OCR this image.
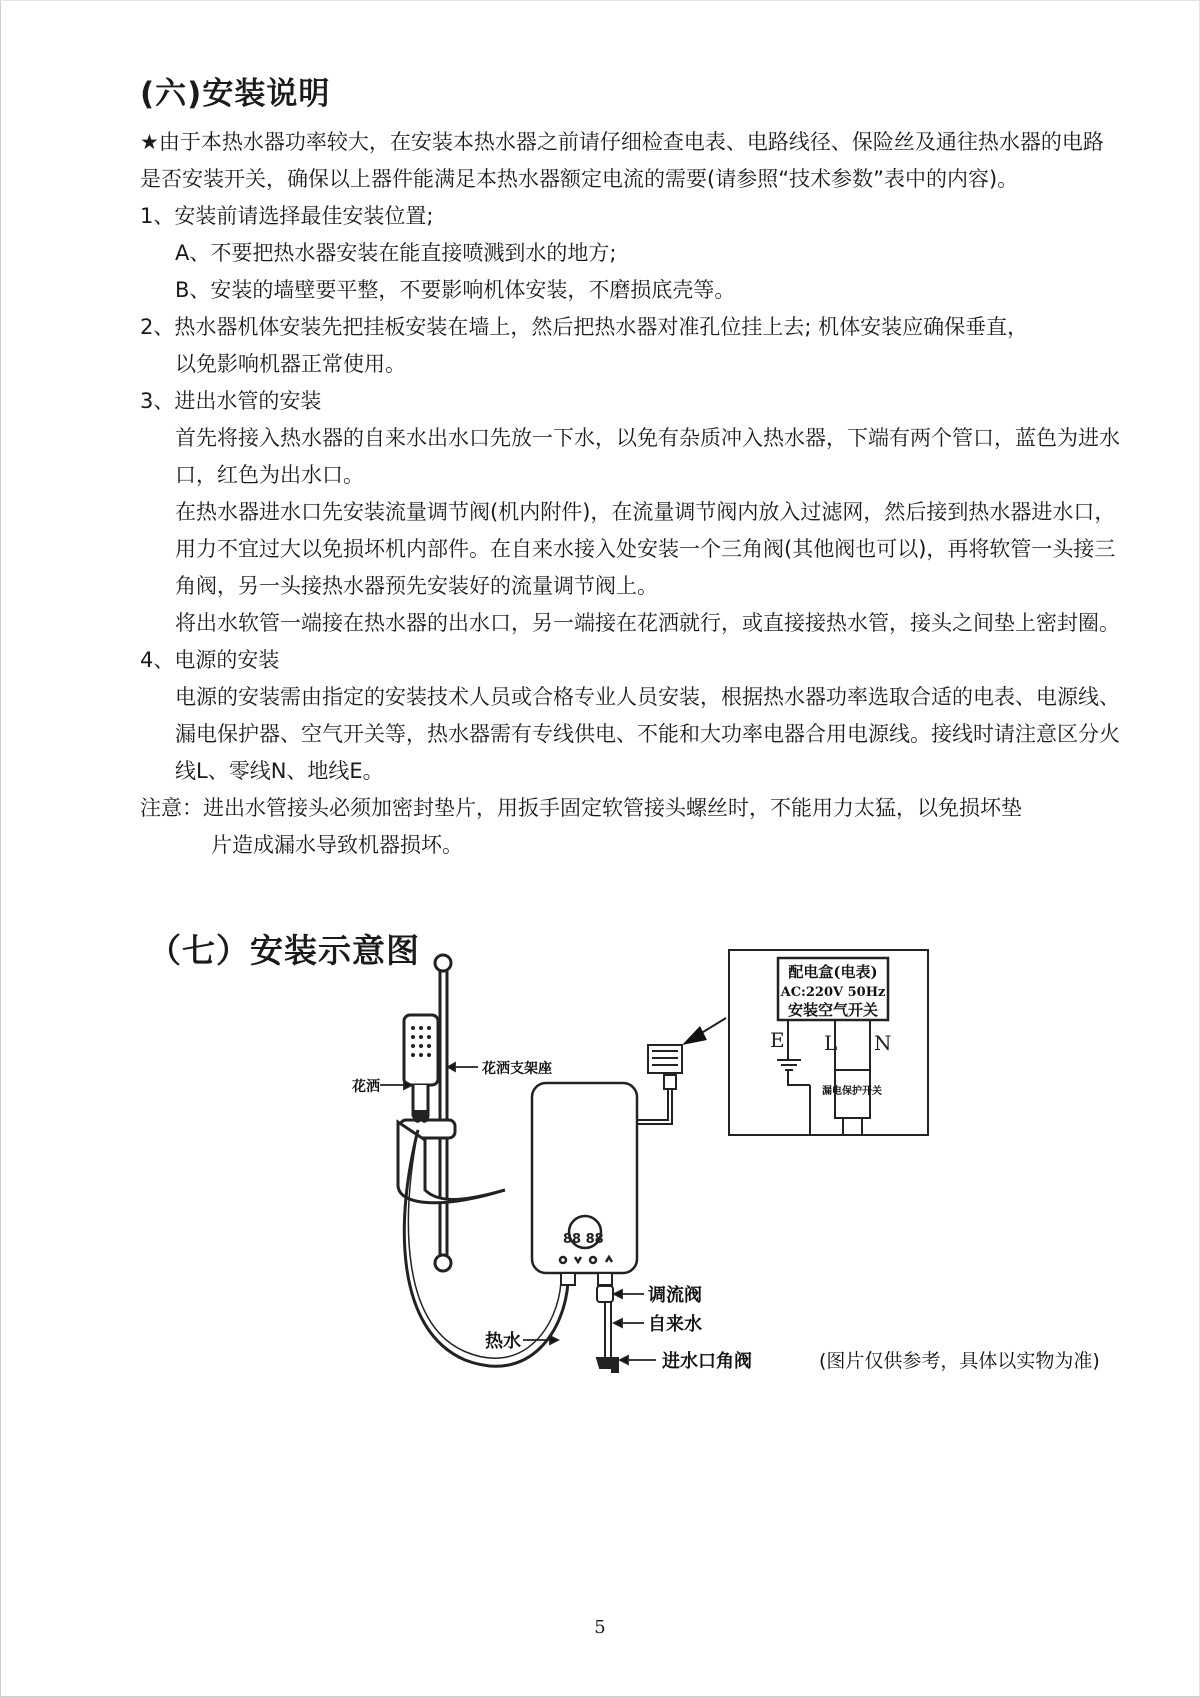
(六)安装说明

★由于本热水器功率较大，在安装本热水器之前请仔细检查电表、电路线径、保险丝及通往热水器的电路是否安装开关，确保以上器件能满足本热水器额定电流的需要(请参照“技术参数”表中的内容)。

1、安装前请选择最佳安装位置;

A、不要把热水器安装在能直接喷溅到水的地方;

B、安装的墙壁要平整，不要影响机体安装，不磨损底壳等。

2、热水器机体安装先把挂板安装在墙上，然后把热水器对准孔位挂上去; 机体安装应确保垂直，

以免影响机器正常使用。

3、进出水管的安装

首先将接入热水器的自来水出水口先放一下水，以免有杂质冲入热水器，下端有两个管口，蓝色为进水口，红色为出水口。

在热水器进水口先安装流量调节阀(机内附件)，在流量调节阀内放入过滤网，然后接到热水器进水口，用力不宜过大以免损坏机内部件。在自来水接入处安装一个三角阀(其他阀也可以)，再将软管一头接三角阀，另一头接热水器预先安装好的流量调节阀上。

将出水软管一端接在热水器的出水口，另一端接在花洒就行，或直接接热水管，接头之间垫上密封圈。

4、电源的安装

电源的安装需由指定的安装技术人员或合格专业人员安装，根据热水器功率选取合适的电表、电源线、漏电保护器、空气开关等，热水器需有专线供电、不能和大功率电器合用电源线。接线时请注意区分火线L、零线N、地线E。

注意：进出水管接头必须加密封垫片，用扳手固定软管接头螺丝时，不能用力太猛，以免损坏垫

片造成漏水导致机器损坏。

（七）安装示意图
88 88
配电盒(电表)
AC:220V 50Hz
安装空气开关
E L N
漏电保护开关
花洒
花洒支架座
热水
调流阀
自来水
进水口角阀	(图片仅供参考，具体以实物为准)
5
